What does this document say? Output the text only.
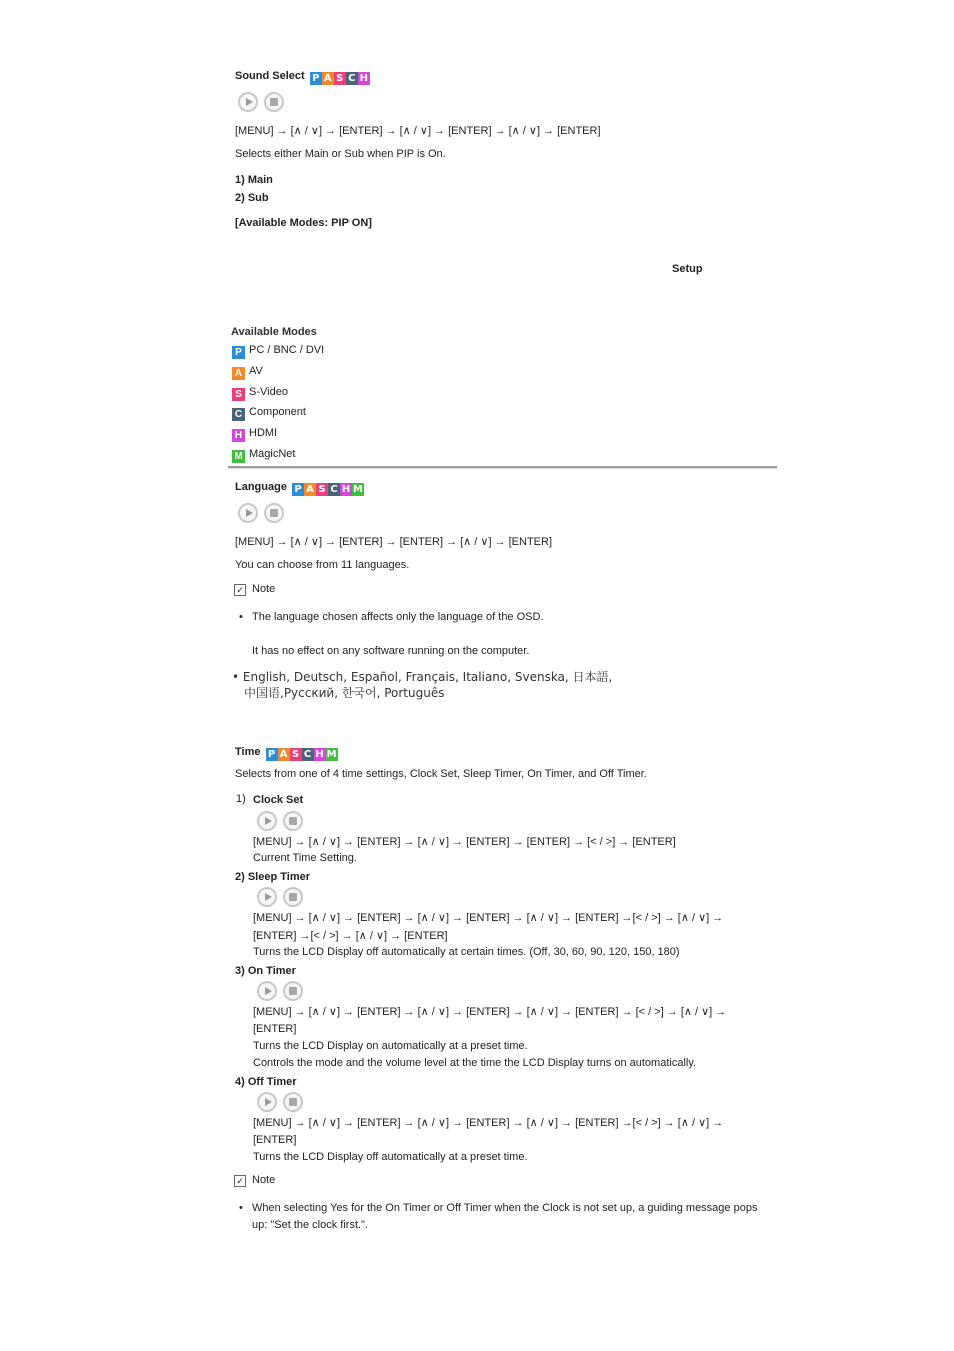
Sound Select P A S C H
[MENU] → [∧ / ∨] → [ENTER] → [∧ / ∨] → [ENTER] → [∧ / ∨] → [ENTER]
Selects either Main or Sub when PIP is On.
1) Main
2) Sub
[Available Modes: PIP ON]
Setup
Available Modes
P PC / BNC / DVI
A AV
S S-Video
C Component
H HDMI
M MagicNet
Language P A S C H M
[MENU] → [∧ / ∨] → [ENTER] → [ENTER] → [∧ / ∨] → [ENTER]
You can choose from 11 languages.
✓ Note
• The language chosen affects only the language of the OSD.
It has no effect on any software running on the computer.
• English, Deutsch, Español, Français, Italiano, Svenska, 日本語,
中国语,Русский, 한국어, Português
Time P A S C H M
Selects from one of 4 time settings, Clock Set, Sleep Timer, On Timer, and Off Timer.
1) Clock Set
[MENU] → [∧ / ∨] → [ENTER] → [∧ / ∨] → [ENTER] → [ENTER] → [< / >] → [ENTER]
Current Time Setting.
2) Sleep Timer
[MENU] → [∧ / ∨] → [ENTER] → [∧ / ∨] → [ENTER] → [∧ / ∨] → [ENTER] →[< / >] → [∧ / ∨] →
[ENTER] →[< / >] → [∧ / ∨] → [ENTER]
Turns the LCD Display off automatically at certain times. (Off, 30, 60, 90, 120, 150, 180)
3) On Timer
[MENU] → [∧ / ∨] → [ENTER] → [∧ / ∨] → [ENTER] → [∧ / ∨] → [ENTER] → [< / >] → [∧ / ∨] →
[ENTER]
Turns the LCD Display on automatically at a preset time.
Controls the mode and the volume level at the time the LCD Display turns on automatically.
4) Off Timer
[MENU] → [∧ / ∨] → [ENTER] → [∧ / ∨] → [ENTER] → [∧ / ∨] → [ENTER] →[< / >] → [∧ / ∨] →
[ENTER]
Turns the LCD Display off automatically at a preset time.
✓ Note
• When selecting Yes for the On Timer or Off Timer when the Clock is not set up, a guiding message pops
up: "Set the clock first.".
